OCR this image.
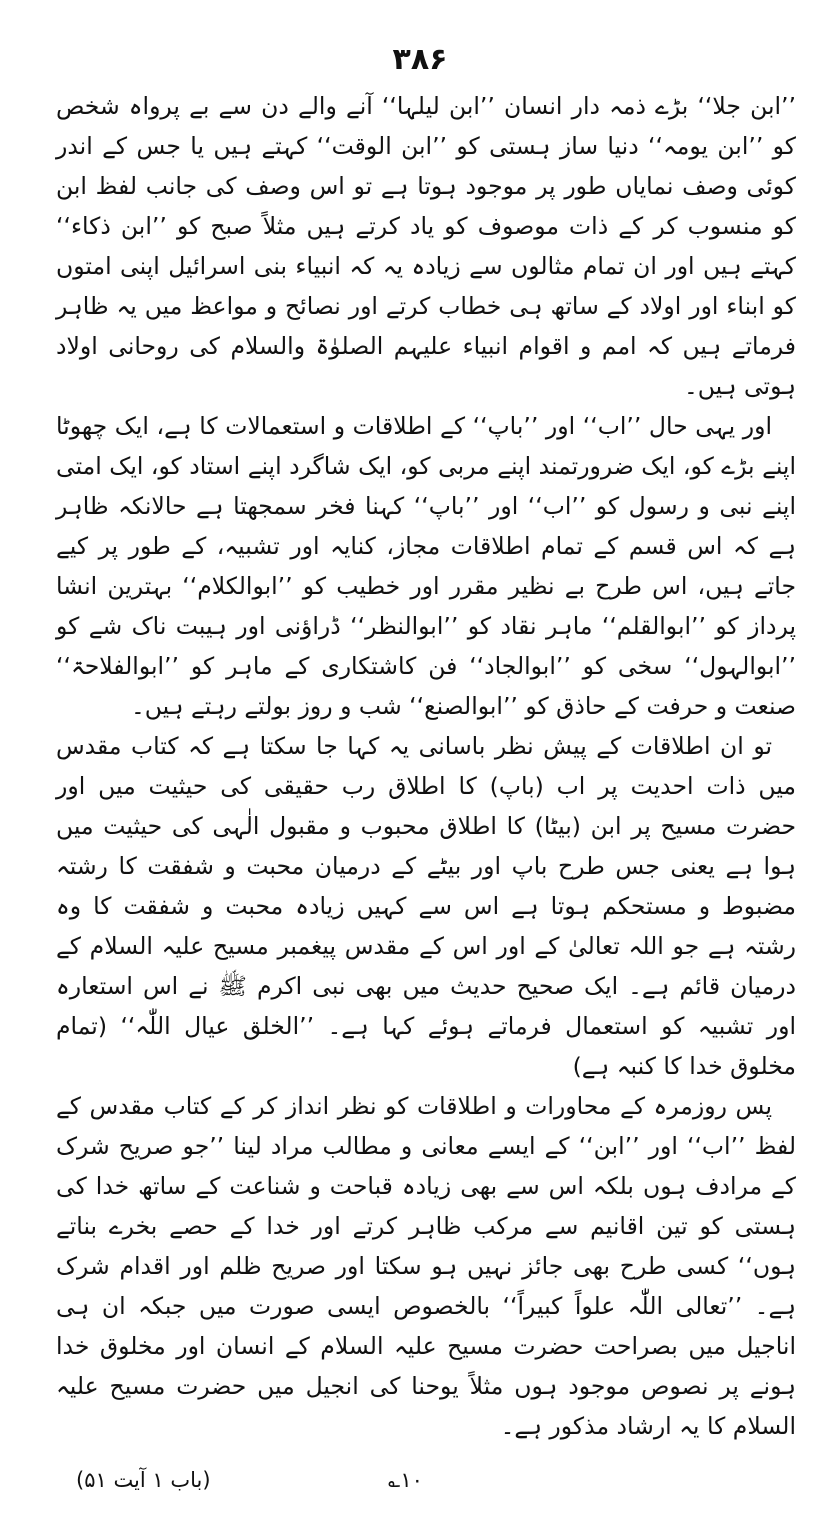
۳۸۶

’’ابن جلا‘‘ بڑے ذمہ دار انسان ’’ابن لیلہا‘‘ آنے والے دن سے بے پرواہ شخص کو ’’ابن یومہ‘‘ دنیا ساز ہستی کو ’’ابن الوقت‘‘ کہتے ہیں یا جس کے اندر کوئی وصف نمایاں طور پر موجود ہوتا ہے تو اس وصف کی جانب لفظ ابن کو منسوب کر کے ذات موصوف کو یاد کرتے ہیں مثلاً صبح کو ’’ابن ذکاء‘‘ کہتے ہیں اور ان تمام مثالوں سے زیادہ یہ کہ انبیاء بنی اسرائیل اپنی امتوں کو ابناء اور اولاد کے ساتھ ہی خطاب کرتے اور نصائح و مواعظ میں یہ ظاہر فرماتے ہیں کہ امم و اقوام انبیاء علیہم الصلوٰۃ والسلام کی روحانی اولاد ہوتی ہیں۔

اور یہی حال ’’اب‘‘ اور ’’باپ‘‘ کے اطلاقات و استعمالات کا ہے، ایک چھوٹا اپنے بڑے کو، ایک ضرورتمند اپنے مربی کو، ایک شاگرد اپنے استاد کو، ایک امتی اپنے نبی و رسول کو ’’اب‘‘ اور ’’باپ‘‘ کہنا فخر سمجھتا ہے حالانکہ ظاہر ہے کہ اس قسم کے تمام اطلاقات مجاز، کنایہ اور تشبیہ، کے طور پر کیے جاتے ہیں، اس طرح بے نظیر مقرر اور خطیب کو ’’ابوالکلام‘‘ بہترین انشا پرداز کو ’’ابوالقلم‘‘ ماہر نقاد کو ’’ابوالنظر‘‘ ڈراؤنی اور ہیبت ناک شے کو ’’ابوالہول‘‘ سخی کو ’’ابوالجاد‘‘ فن کاشتکاری کے ماہر کو ’’ابوالفلاحۃ‘‘ صنعت و حرفت کے حاذق کو ’’ابوالصنع‘‘ شب و روز بولتے رہتے ہیں۔

تو ان اطلاقات کے پیش نظر باسانی یہ کہا جا سکتا ہے کہ کتاب مقدس میں ذات احدیت پر اب (باپ) کا اطلاق رب حقیقی کی حیثیت میں اور حضرت مسیح پر ابن (بیٹا) کا اطلاق محبوب و مقبول الٰہی کی حیثیت میں ہوا ہے یعنی جس طرح باپ اور بیٹے کے درمیان محبت و شفقت کا رشتہ مضبوط و مستحکم ہوتا ہے اس سے کہیں زیادہ محبت و شفقت کا وہ رشتہ ہے جو اللہ تعالیٰ کے اور اس کے مقدس پیغمبر مسیح علیہ السلام کے درمیان قائم ہے۔ ایک صحیح حدیث میں بھی نبی اکرم ﷺ نے اس استعارہ اور تشبیہ کو استعمال فرماتے ہوئے کہا ہے۔ ’’الخلق عیال اللّٰہ‘‘ (تمام مخلوق خدا کا کنبہ ہے)

پس روزمرہ کے محاورات و اطلاقات کو نظر انداز کر کے کتاب مقدس کے لفظ ’’اب‘‘ اور ’’ابن‘‘ کے ایسے معانی و مطالب مراد لینا ’’جو صریح شرک کے مرادف ہوں بلکہ اس سے بھی زیادہ قباحت و شناعت کے ساتھ خدا کی ہستی کو تین اقانیم سے مرکب ظاہر کرتے اور خدا کے حصے بخرے بناتے ہوں‘‘ کسی طرح بھی جائز نہیں ہو سکتا اور صریح ظلم اور اقدام شرک ہے۔ ’’تعالی اللّٰہ علواً کبیراً‘‘ بالخصوص ایسی صورت میں جبکہ ان ہی اناجیل میں بصراحت حضرت مسیح علیہ السلام کے انسان اور مخلوق خدا ہونے پر نصوص موجود ہوں مثلاً یوحنا کی انجیل میں حضرت مسیح علیہ السلام کا یہ ارشاد مذکور ہے۔

(باب ۱ آیت ۵۱)	۱۰؎
